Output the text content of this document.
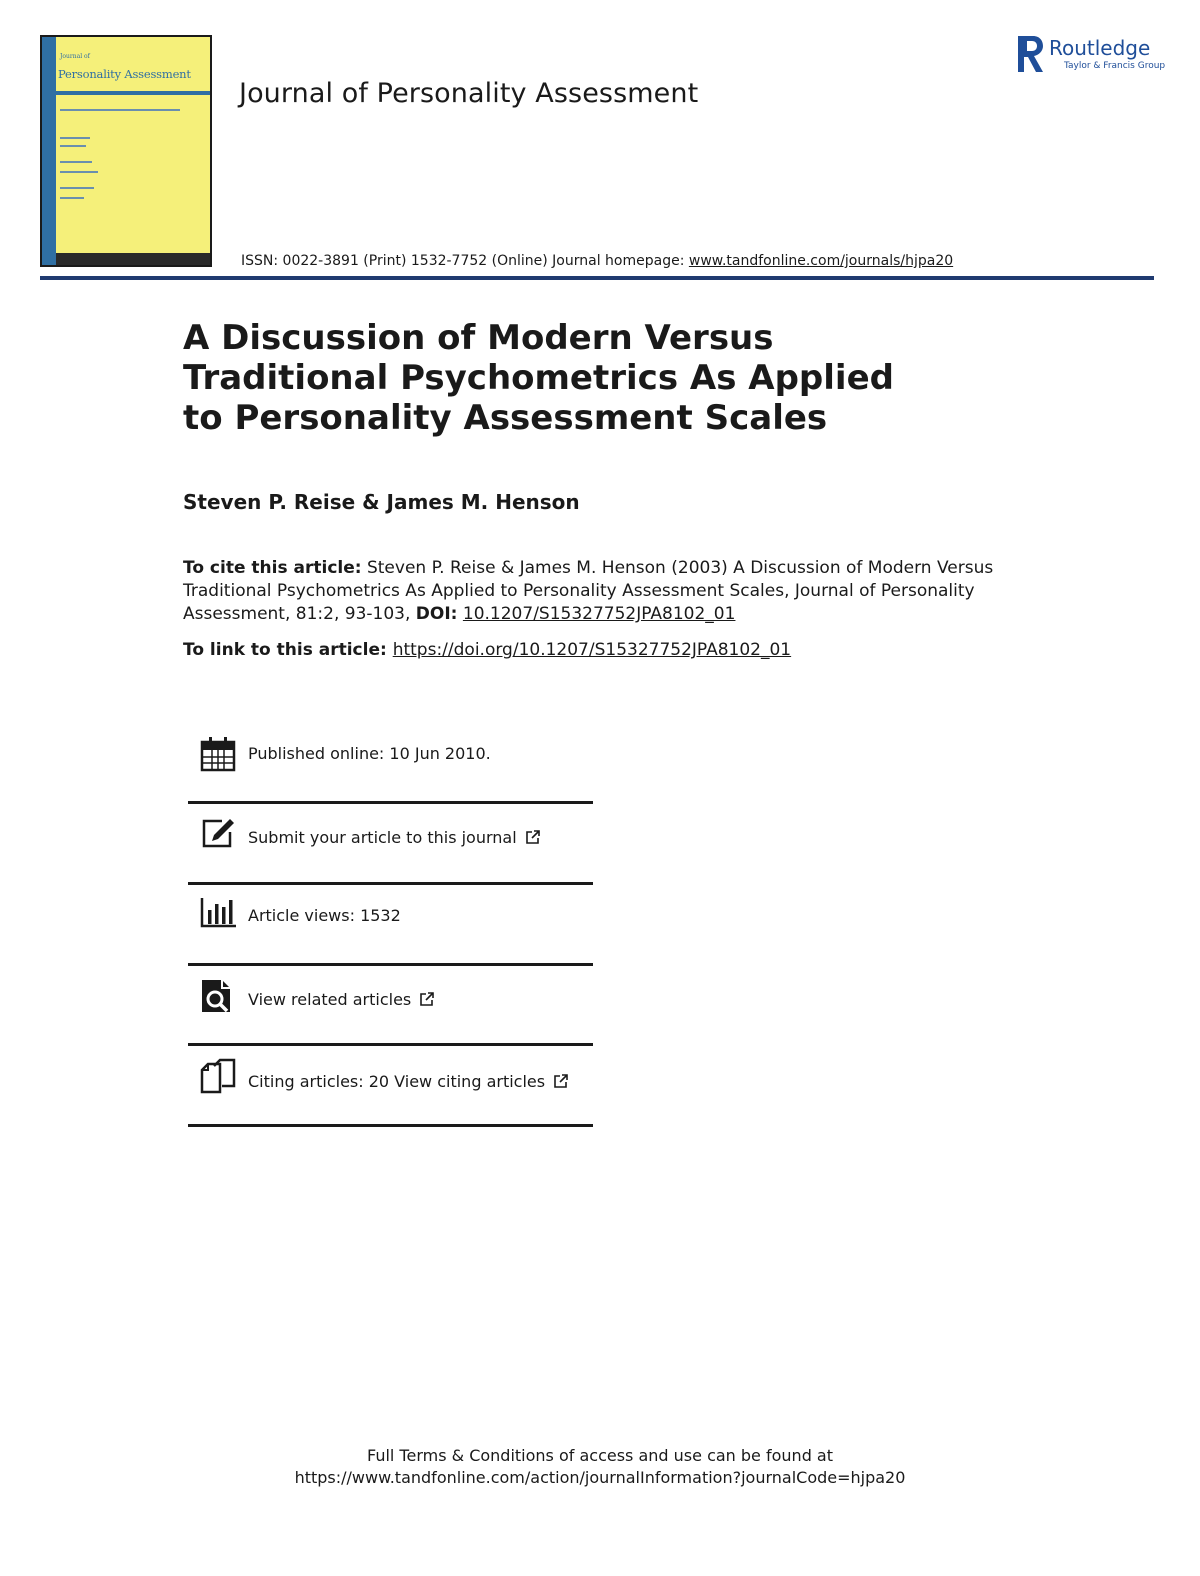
Journal of
Personality Assessment
Journal of Personality Assessment
ISSN: 0022-3891 (Print) 1532-7752 (Online) Journal homepage: www.tandfonline.com/journals/hjpa20
Routledge
Taylor & Francis Group
A Discussion of Modern Versus Traditional Psychometrics As Applied to Personality Assessment Scales
Steven P. Reise & James M. Henson
To cite this article: Steven P. Reise & James M. Henson (2003) A Discussion of Modern Versus Traditional Psychometrics As Applied to Personality Assessment Scales, Journal of Personality Assessment, 81:2, 93-103, DOI: 10.1207/S15327752JPA8102_01
To link to this article: https://doi.org/10.1207/S15327752JPA8102_01
Published online: 10 Jun 2010.
Submit your article to this journal
Article views: 1532
View related articles
Citing articles: 20 View citing articles
Full Terms & Conditions of access and use can be found at
https://www.tandfonline.com/action/journalInformation?journalCode=hjpa20
